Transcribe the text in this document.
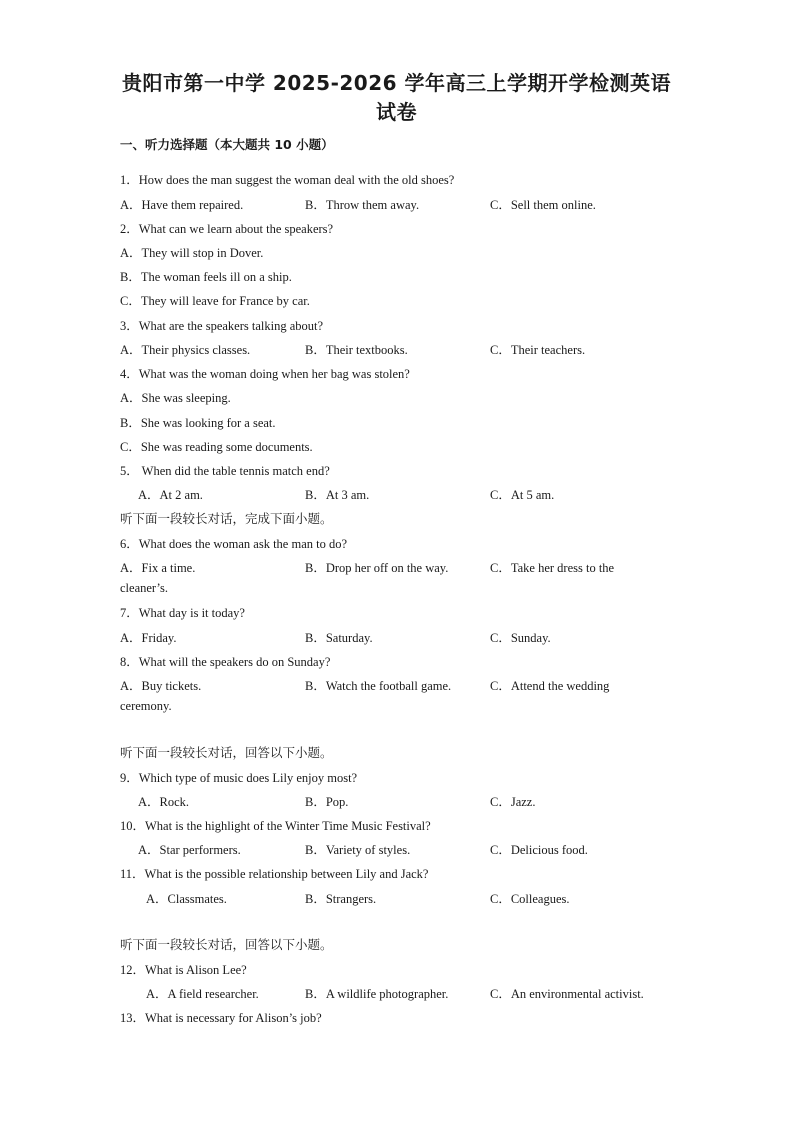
贵阳市第一中学 2025-2026 学年高三上学期开学检测英语
试卷
一、听力选择题（本大题共 10 小题）
1．How does the man suggest the woman deal with the old shoes?
A．Have them repaired.	B．Throw them away.	C．Sell them online.
2．What can we learn about the speakers?
A．They will stop in Dover.
B．The woman feels ill on a ship.
C．They will leave for France by car.
3．What are the speakers talking about?
A．Their physics classes.	B．Their textbooks.	C．Their teachers.
4．What was the woman doing when her bag was stolen?
A．She was sleeping.
B．She was looking for a seat.
C．She was reading some documents.
5． When did the table tennis match end?
A．At 2 am.	B．At 3 am.	C．At 5 am.
听下面一段较长对话，完成下面小题。
6．What does the woman ask the man to do?
A．Fix a time.	B．Drop her off on the way.	C．Take her dress to the
cleaner’s.
7．What day is it today?
A．Friday.	B．Saturday.	C．Sunday.
8．What will the speakers do on Sunday?
A．Buy tickets.	B．Watch the football game.	C．Attend the wedding
ceremony.
听下面一段较长对话，回答以下小题。
9．Which type of music does Lily enjoy most?
A．Rock.	B．Pop.	C．Jazz.
10．What is the highlight of the Winter Time Music Festival?
A．Star performers.	B．Variety of styles.	C．Delicious food.
11．What is the possible relationship between Lily and Jack?
A．Classmates.	B．Strangers.	C．Colleagues.
听下面一段较长对话，回答以下小题。
12．What is Alison Lee?
A．A field researcher.	B．A wildlife photographer.	C．An environmental activist.
13．What is necessary for Alison’s job?
